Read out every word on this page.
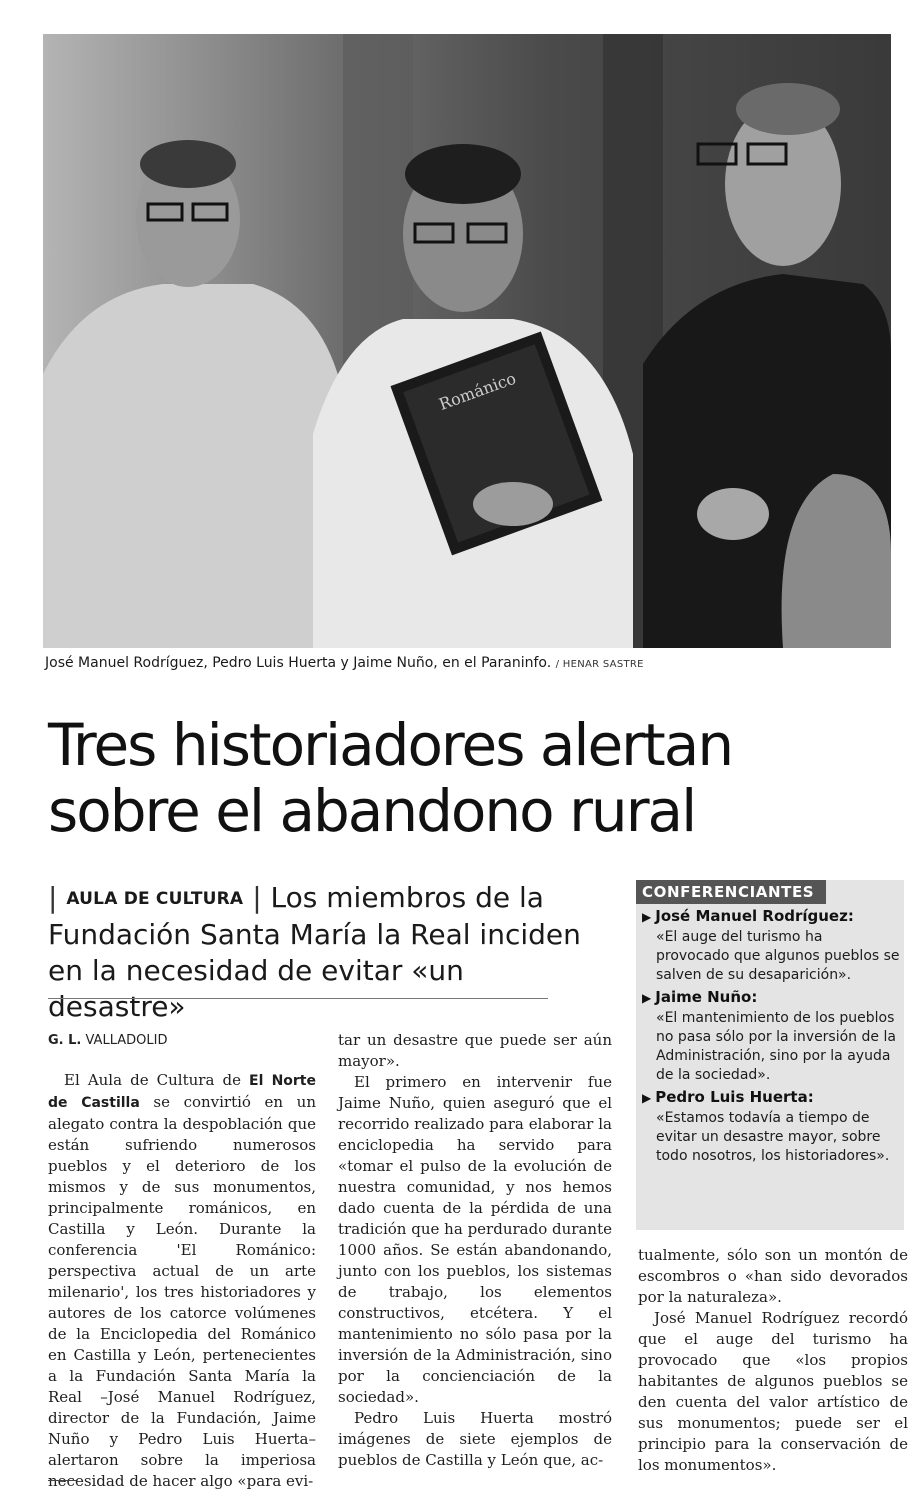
Románico
José Manuel Rodríguez, Pedro Luis Huerta y Jaime Nuño, en el Paraninfo. / HENAR SASTRE
Tres historiadores alertan
sobre el abandono rural
| AULA DE CULTURA | Los miembros de la Fundación Santa María la Real inciden en la necesidad de evitar «un desastre»
G. L. VALLADOLID

El Aula de Cultura de El Norte de Castilla se convirtió en un alegato contra la despoblación que están sufriendo numerosos pueblos y el deterioro de los mismos y de sus monumentos, principalmente románicos, en Castilla y León. Durante la conferencia 'El Románico: perspectiva actual de un arte milenario', los tres historiadores y autores de los catorce volúmenes de la Enciclopedia del Románico en Castilla y León, pertenecientes a la Fundación Santa María la Real –José Manuel Rodríguez, director de la Fundación, Jaime Nuño y Pedro Luis Huerta– alertaron sobre la imperiosa necesidad de hacer algo «para evi-

tar un desastre que puede ser aún mayor».

El primero en intervenir fue Jaime Nuño, quien aseguró que el recorrido realizado para elaborar la enciclopedia ha servido para «tomar el pulso de la evolución de nuestra comunidad, y nos hemos dado cuenta de la pérdida de una tradición que ha perdurado durante 1000 años. Se están abandonando, junto con los pueblos, los sistemas de trabajo, los elementos constructivos, etcétera. Y el mantenimiento no sólo pasa por la inversión de la Administración, sino por la concienciación de la sociedad».

Pedro Luis Huerta mostró imágenes de siete ejemplos de pueblos de Castilla y León que, ac-

CONFERENCIANTES
▶ José Manuel Rodríguez:
«El auge del turismo ha provocado que algunos pueblos se salven de su desaparición».
▶ Jaime Nuño:
«El mantenimiento de los pueblos no pasa sólo por la inversión de la Administración, sino por la ayuda de la sociedad».
▶ Pedro Luis Huerta:
«Estamos todavía a tiempo de evitar un desastre mayor, sobre todo nosotros, los historiadores».

tualmente, sólo son un montón de escombros o «han sido devorados por la naturaleza».

José Manuel Rodríguez recordó que el auge del turismo ha provocado que «los propios habitantes de algunos pueblos se den cuenta del valor artístico de sus monumentos; puede ser el principio para la conservación de los monumentos».
